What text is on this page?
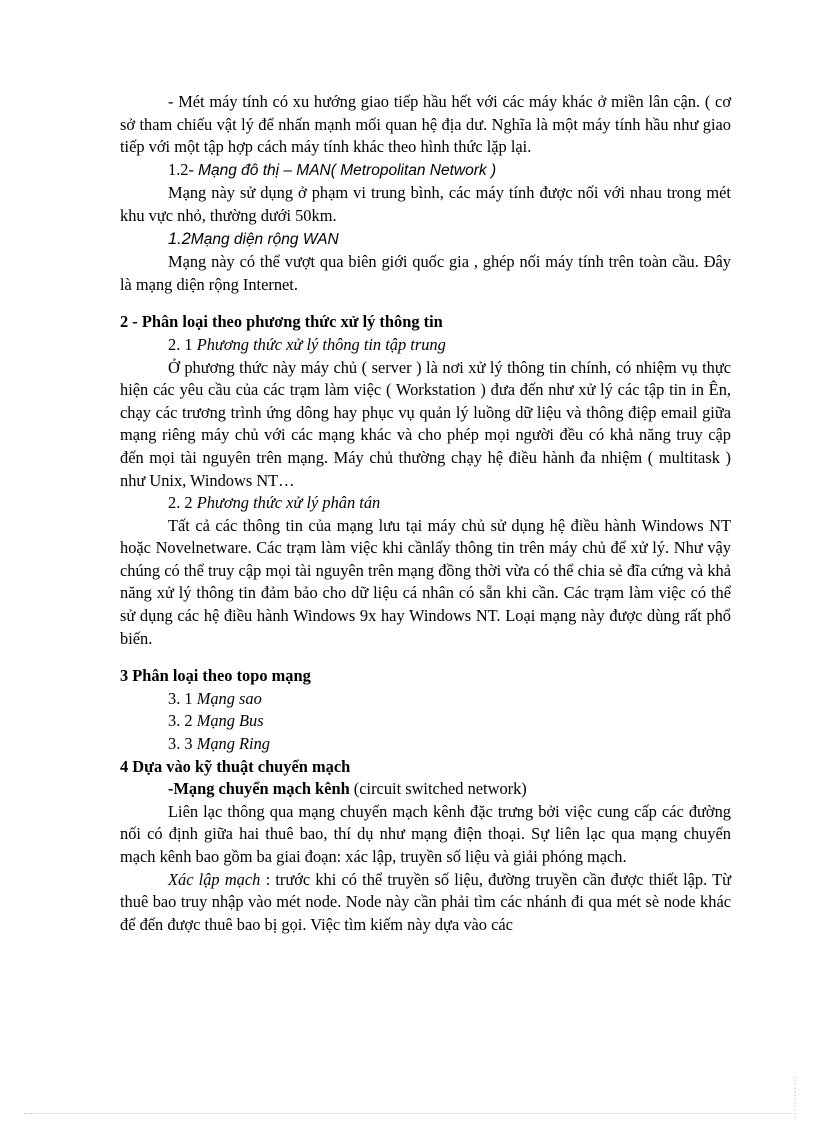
- Mét máy tính có xu hướng giao tiếp hầu hết với các máy khác ở miền lân cận. ( cơ sở tham chiếu vật lý để nhấn mạnh mối quan hệ địa dư. Nghĩa là một máy tính hầu như giao tiếp với một tập hợp cách máy tính khác theo hình thức lặp lại.

1.2- Mạng đô thị – MAN( Metropolitan Network )

Mạng này sử dụng ở phạm vi trung bình, các máy tính được nối với nhau trong mét khu vực nhỏ, thường dưới 50km.

1.2Mạng diện rộng WAN

Mạng này có thể vượt qua biên giới quốc gia , ghép nối máy tính trên toàn cầu. Đây là mạng diện rộng Internet.

2 - Phân loại theo phương thức xử lý thông tin

2. 1 Phương thức xử lý thông tin tập trung

Ở phương thức này máy chủ ( server ) là nơi xử lý thông tin chính, có nhiệm vụ thực hiện các yêu cầu của các trạm làm việc ( Workstation ) đưa đến như xử lý các tập tin in Ên, chạy các trương trình ứng dông hay phục vụ quản lý luồng dữ liệu và thông điệp email giữa mạng riêng máy chủ với các mạng khác và cho phép mọi người đều có khả năng truy cập đến mọi tài nguyên trên mạng. Máy chủ thường chạy hệ điều hành đa nhiệm ( multitask ) như Unix, Windows NT…

2. 2 Phương thức xử lý phân tán

Tất cả các thông tin của mạng lưu tại máy chủ sử dụng hệ điều hành Windows NT hoặc Novelnetware. Các trạm làm việc khi cầnlấy thông tin trên máy chủ để xử lý. Như vậy chúng có thể truy cập mọi tài nguyên trên mạng đồng thời vừa có thể chia sẻ đĩa cứng và khả năng xử lý thông tin đảm bảo cho dữ liệu cá nhân có sẵn khi cần. Các trạm làm việc có thể sử dụng các hệ điều hành Windows 9x hay Windows NT. Loại mạng này được dùng rất phổ biến.

3 Phân loại theo topo mạng

3. 1 Mạng sao

3. 2 Mạng Bus

3. 3 Mạng Ring

4 Dựa vào kỹ thuật chuyển mạch

-Mạng chuyển mạch kênh (circuit switched network)

Liên lạc thông qua mạng chuyển mạch kênh đặc trưng bởi việc cung cấp các đường nối có định giữa hai thuê bao, thí dụ như mạng điện thoại. Sự liên lạc qua mạng chuyển mạch kênh bao gồm ba giai đoạn: xác lập, truyền số liệu và giải phóng mạch.

Xác lập mạch : trước khi có thể truyền số liệu, đường truyền cần được thiết lập. Từ thuê bao truy nhập vào mét node. Node này cần phải tìm các nhánh đi qua mét sè node khác để đến được thuê bao bị gọi. Việc tìm kiếm này dựa vào các

⋮
⋮
⋮
⋮
